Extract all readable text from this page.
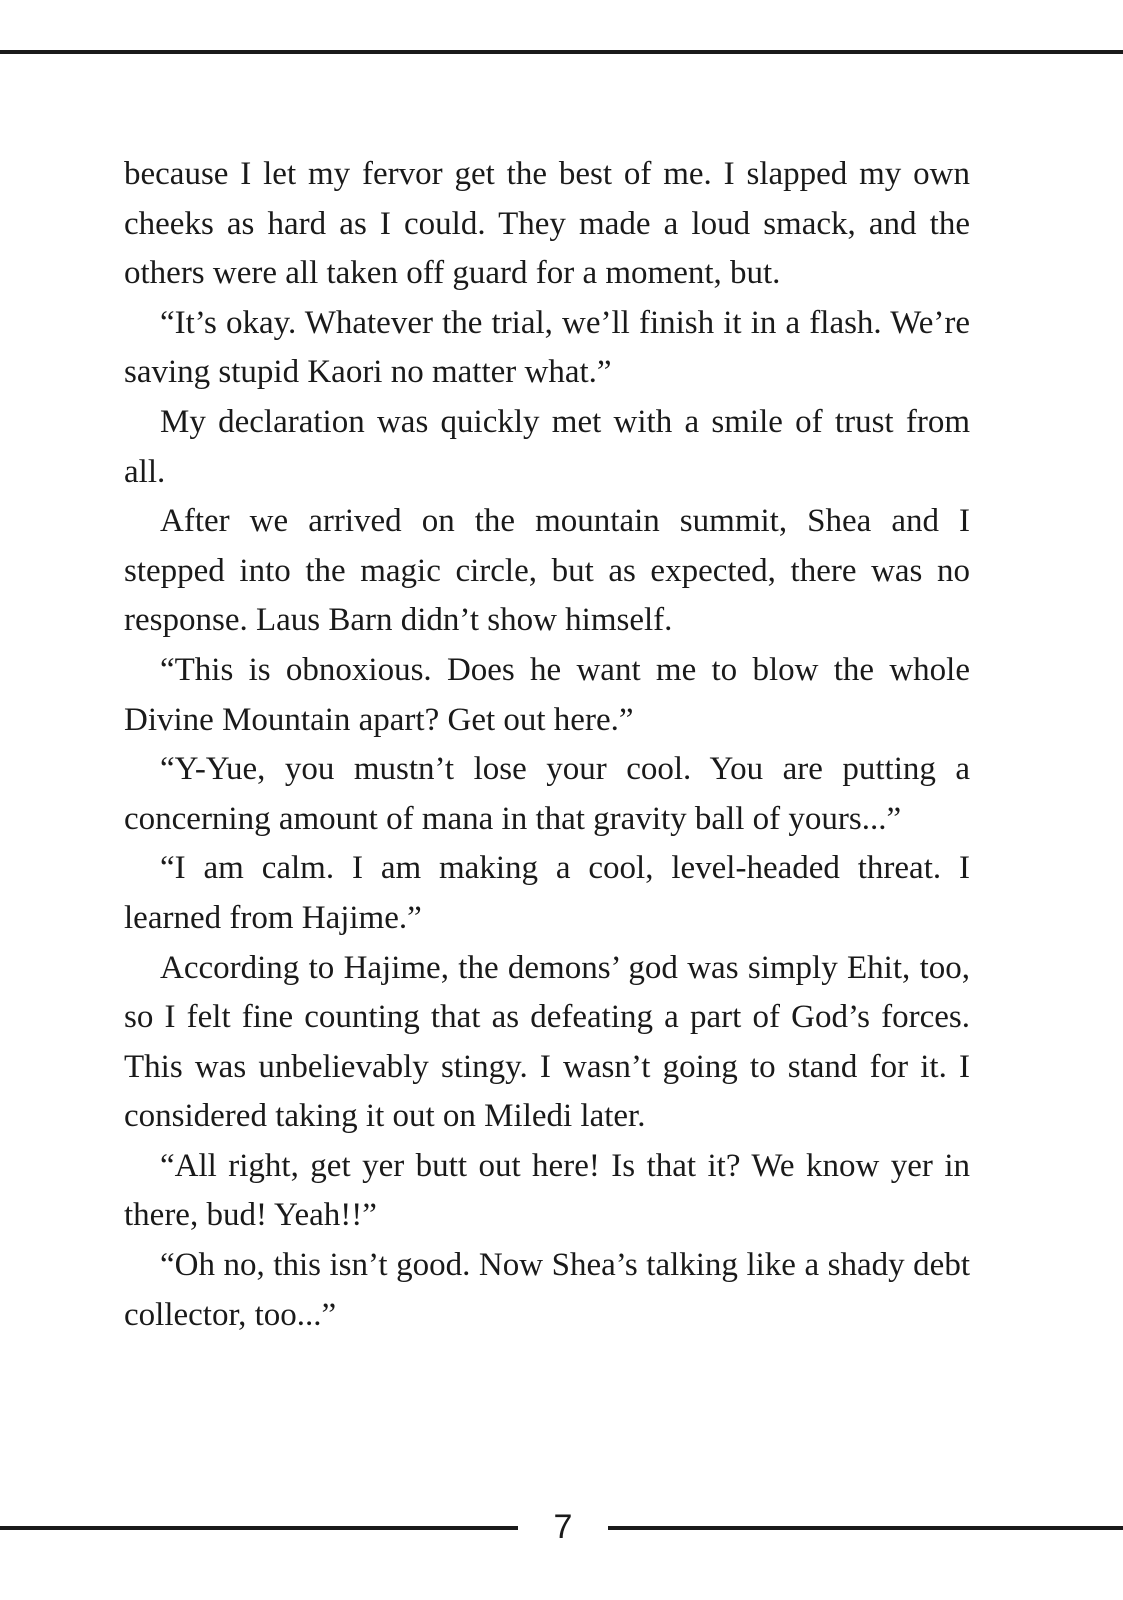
because I let my fervor get the best of me. I slapped my own cheeks as hard as I could. They made a loud smack, and the others were all taken off guard for a moment, but.

“It’s okay. Whatever the trial, we’ll finish it in a flash. We’re saving stupid Kaori no matter what.”

My declaration was quickly met with a smile of trust from all.

After we arrived on the mountain summit, Shea and I stepped into the magic circle, but as expected, there was no response. Laus Barn didn’t show himself.

“This is obnoxious. Does he want me to blow the whole Divine Mountain apart? Get out here.”

“Y-Yue, you mustn’t lose your cool. You are putting a concerning amount of mana in that gravity ball of yours...”

“I am calm. I am making a cool, level-headed threat. I learned from Hajime.”

According to Hajime, the demons’ god was simply Ehit, too, so I felt fine counting that as defeating a part of God’s forces. This was unbelievably stingy. I wasn’t going to stand for it. I considered taking it out on Miledi later.

“All right, get yer butt out here! Is that it? We know yer in there, bud! Yeah!!”

“Oh no, this isn’t good. Now Shea’s talking like a shady debt collector, too...”

7
